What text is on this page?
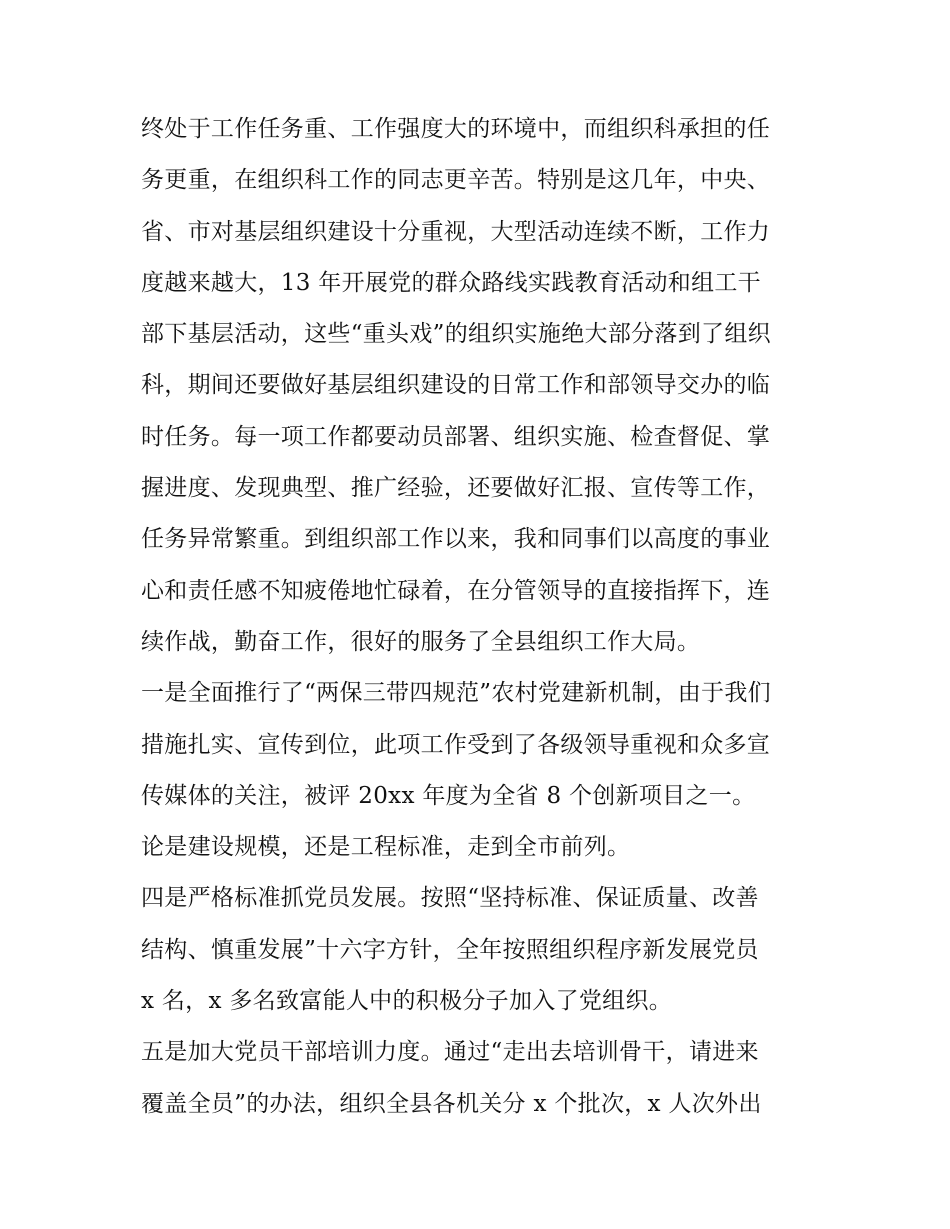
终处于工作任务重、工作强度大的环境中，而组织科承担的任
务更重，在组织科工作的同志更辛苦。特别是这几年，中央、
省、市对基层组织建设十分重视，大型活动连续不断，工作力
度越来越大，13 年开展党的群众路线实践教育活动和组工干
部下基层活动，这些“重头戏”的组织实施绝大部分落到了组织
科，期间还要做好基层组织建设的日常工作和部领导交办的临
时任务。每一项工作都要动员部署、组织实施、检查督促、掌
握进度、发现典型、推广经验，还要做好汇报、宣传等工作，
任务异常繁重。到组织部工作以来，我和同事们以高度的事业
心和责任感不知疲倦地忙碌着，在分管领导的直接指挥下，连
续作战，勤奋工作，很好的服务了全县组织工作大局。
一是全面推行了“两保三带四规范”农村党建新机制，由于我们
措施扎实、宣传到位，此项工作受到了各级领导重视和众多宣
传媒体的关注，被评 20xx 年度为全省 8 个创新项目之一。
论是建设规模，还是工程标准，走到全市前列。
四是严格标准抓党员发展。按照“坚持标准、保证质量、改善
结构、慎重发展”十六字方针，全年按照组织程序新发展党员
x 名，x 多名致富能人中的积极分子加入了党组织。
五是加大党员干部培训力度。通过“走出去培训骨干，请进来
覆盖全员”的办法，组织全县各机关分 x 个批次，x 人次外出
